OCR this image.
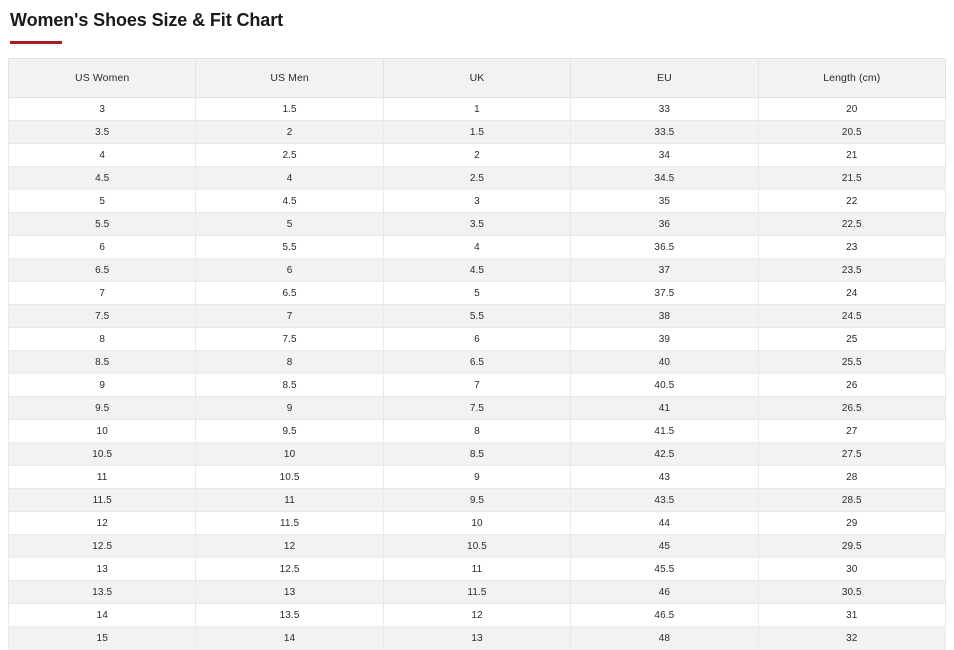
Women's Shoes Size & Fit Chart
US Women	US Men	UK	EU	Length (cm)
3	1.5	1	33	20
3.5	2	1.5	33.5	20.5
4	2.5	2	34	21
4.5	4	2.5	34.5	21.5
5	4.5	3	35	22
5.5	5	3.5	36	22.5
6	5.5	4	36.5	23
6.5	6	4.5	37	23.5
7	6.5	5	37.5	24
7.5	7	5.5	38	24.5
8	7.5	6	39	25
8.5	8	6.5	40	25.5
9	8.5	7	40.5	26
9.5	9	7.5	41	26.5
10	9.5	8	41.5	27
10.5	10	8.5	42.5	27.5
11	10.5	9	43	28
11.5	11	9.5	43.5	28.5
12	11.5	10	44	29
12.5	12	10.5	45	29.5
13	12.5	11	45.5	30
13.5	13	11.5	46	30.5
14	13.5	12	46.5	31
15	14	13	48	32
